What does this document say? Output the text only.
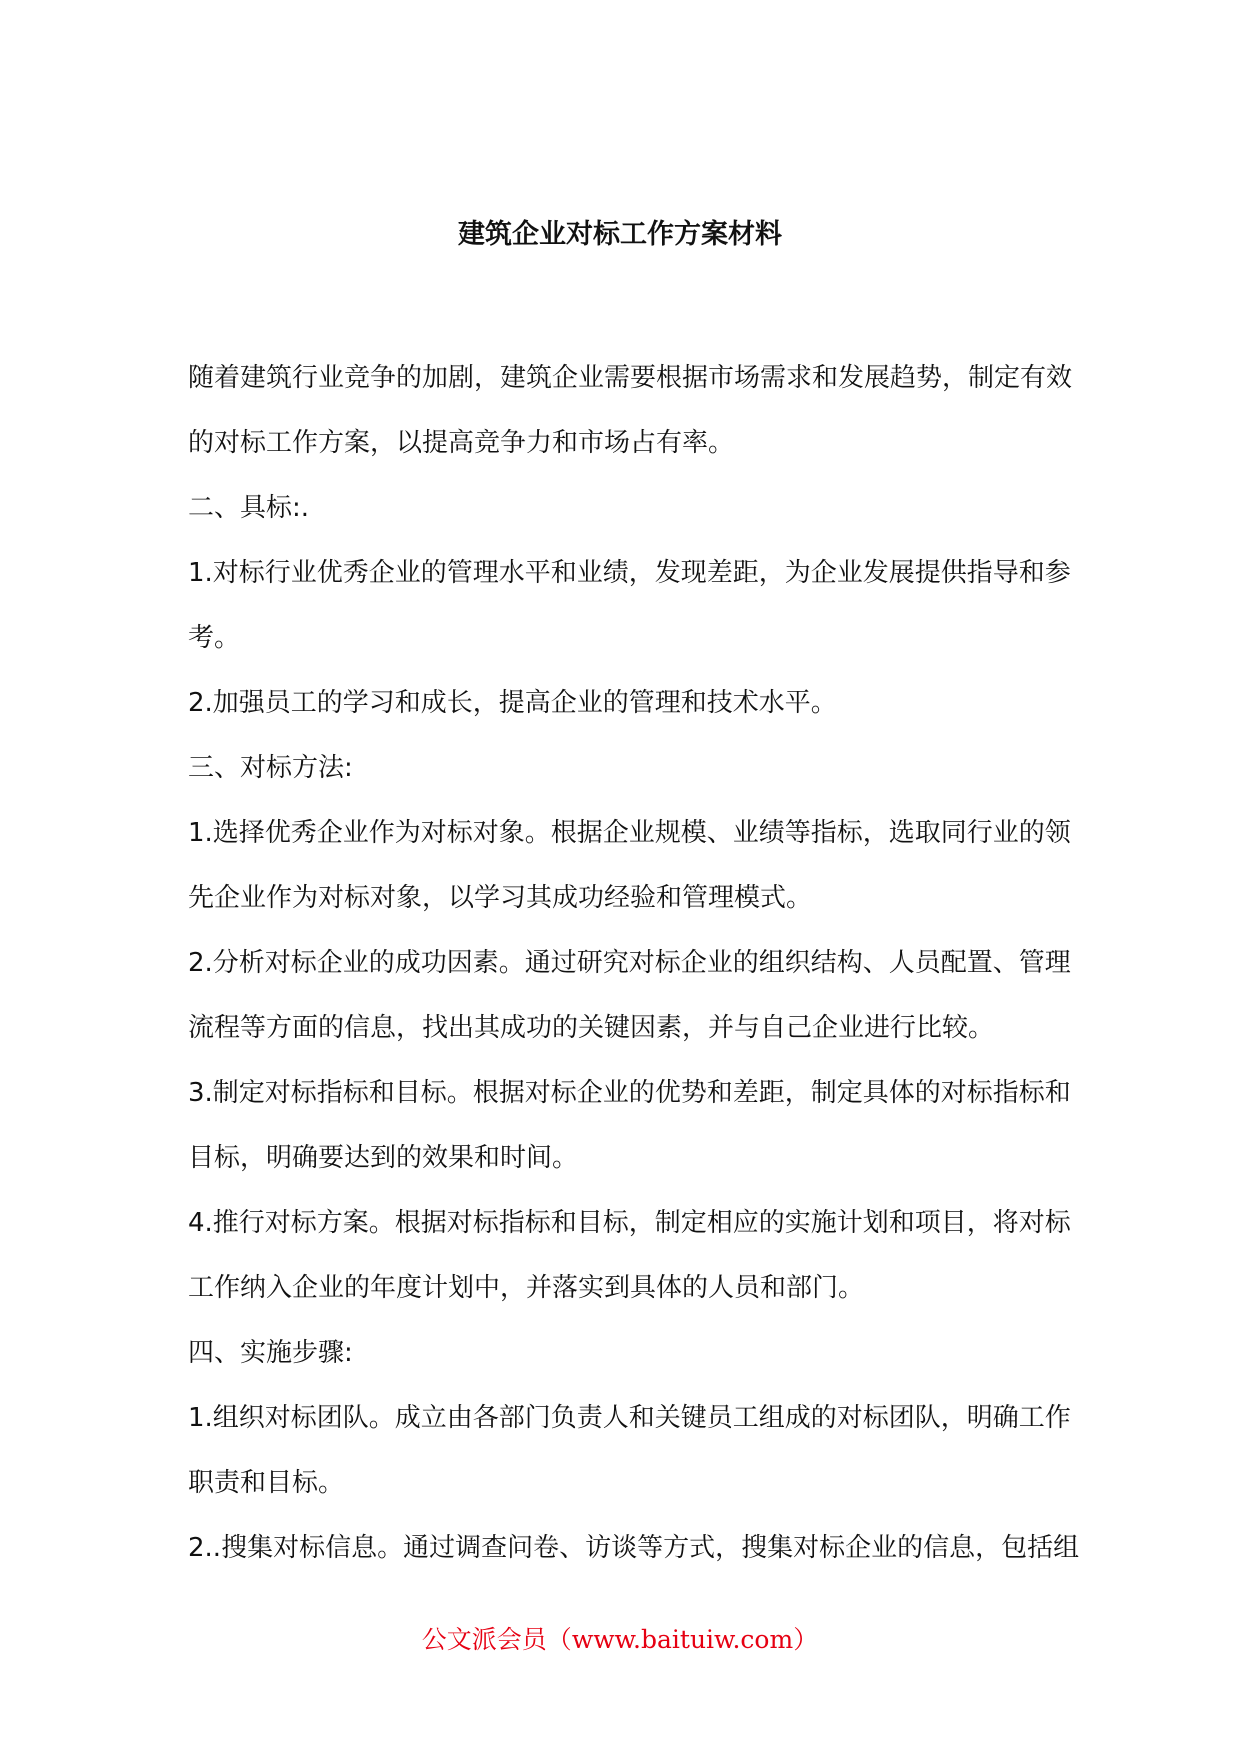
建筑企业对标工作方案材料
随着建筑行业竞争的加剧，建筑企业需要根据市场需求和发展趋势，制定有效
的对标工作方案，以提高竞争力和市场占有率。
二、具标:.
1.对标行业优秀企业的管理水平和业绩，发现差距，为企业发展提供指导和参
考。
2.加强员工的学习和成长，提高企业的管理和技术水平。
三、对标方法:
1.选择优秀企业作为对标对象。根据企业规模、业绩等指标，选取同行业的领
先企业作为对标对象，以学习其成功经验和管理模式。
2.分析对标企业的成功因素。通过研究对标企业的组织结构、人员配置、管理
流程等方面的信息，找出其成功的关键因素，并与自己企业进行比较。
3.制定对标指标和目标。根据对标企业的优势和差距，制定具体的对标指标和
目标，明确要达到的效果和时间。
4.推行对标方案。根据对标指标和目标，制定相应的实施计划和项目，将对标
工作纳入企业的年度计划中，并落实到具体的人员和部门。
四、实施步骤:
1.组织对标团队。成立由各部门负责人和关键员工组成的对标团队，明确工作
职责和目标。
2..搜集对标信息。通过调查问卷、访谈等方式，搜集对标企业的信息，包括组
公文派会员（www.baituiw.com）
